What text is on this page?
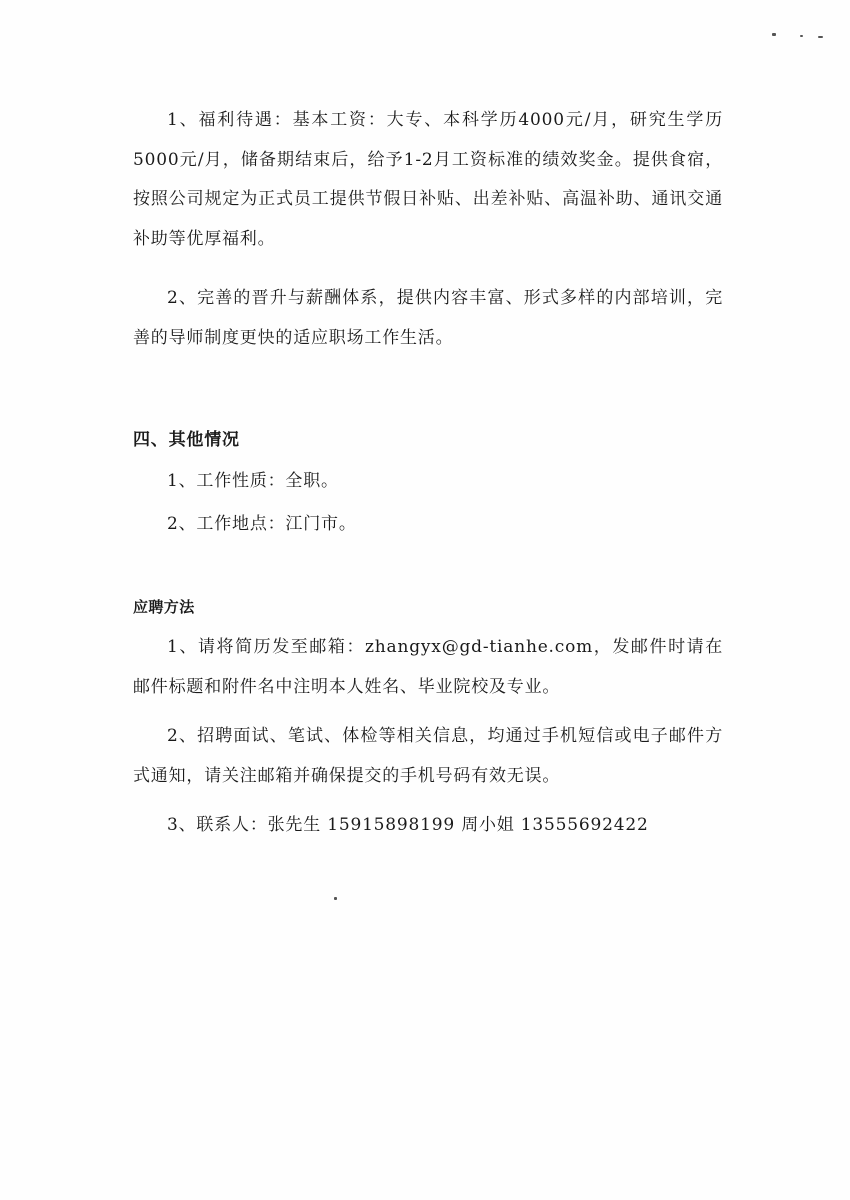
1、福利待遇：基本工资：大专、本科学历4000元/月，研究生学历5000元/月，储备期结束后，给予1-2月工资标准的绩效奖金。提供食宿，按照公司规定为正式员工提供节假日补贴、出差补贴、高温补助、通讯交通补助等优厚福利。

2、完善的晋升与薪酬体系，提供内容丰富、形式多样的内部培训，完善的导师制度更快的适应职场工作生活。

四、其他情况

1、工作性质：全职。

2、工作地点：江门市。

应聘方法

1、请将简历发至邮箱：zhangyx@gd-tianhe.com，发邮件时请在邮件标题和附件名中注明本人姓名、毕业院校及专业。

2、招聘面试、笔试、体检等相关信息，均通过手机短信或电子邮件方式通知，请关注邮箱并确保提交的手机号码有效无误。

3、联系人：张先生 15915898199 周小姐 13555692422
